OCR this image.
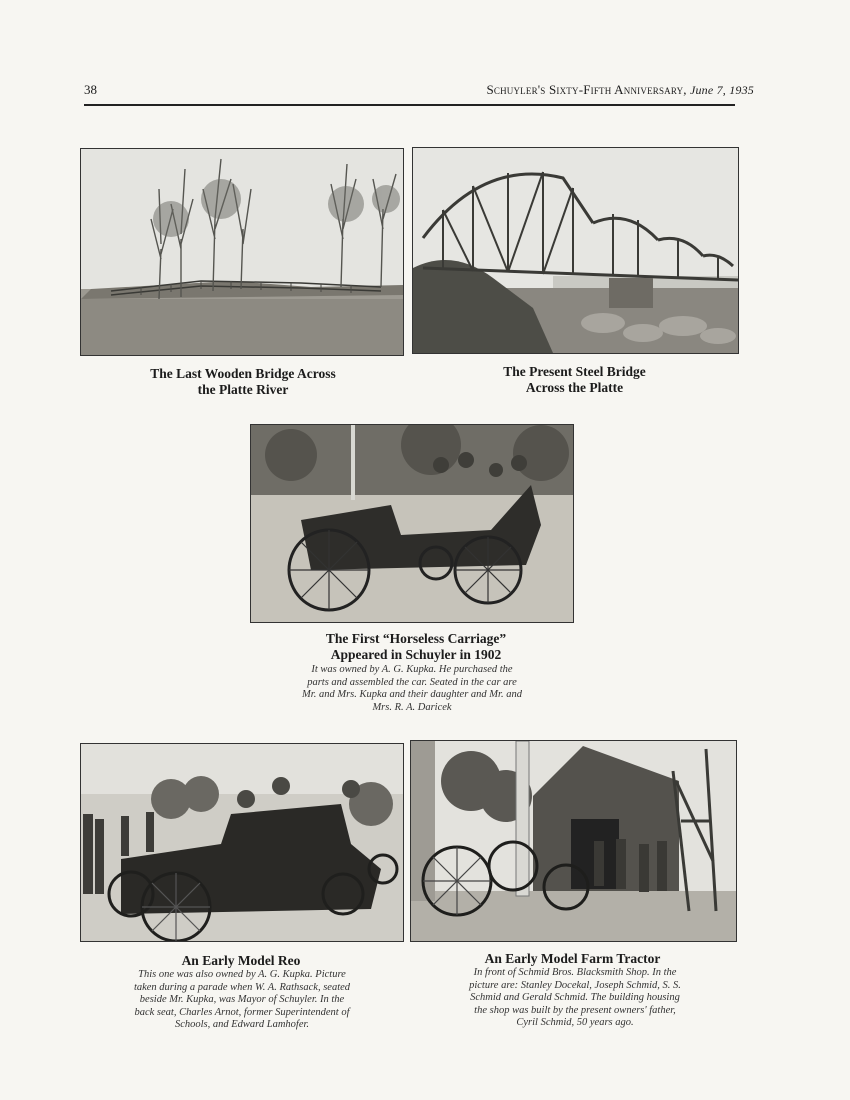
38	Schuyler's Sixty-Fifth Anniversary, June 7, 1935
The Last Wooden Bridge Across
the Platte River
The Present Steel Bridge
Across the Platte
The First “Horseless Carriage”
Appeared in Schuyler in 1902
It was owned by A. G. Kupka. He purchased the
parts and assembled the car. Seated in the car are
Mr. and Mrs. Kupka and their daughter and Mr. and
Mrs. R. A. Daricek
An Early Model Reo
This one was also owned by A. G. Kupka. Picture
taken during a parade when W. A. Rathsack, seated
beside Mr. Kupka, was Mayor of Schuyler. In the
back seat, Charles Arnot, former Superintendent of
Schools, and Edward Lamhofer.
An Early Model Farm Tractor
In front of Schmid Bros. Blacksmith Shop. In the
picture are: Stanley Docekal, Joseph Schmid, S. S.
Schmid and Gerald Schmid. The building housing
the shop was built by the present owners' father,
Cyril Schmid, 50 years ago.
